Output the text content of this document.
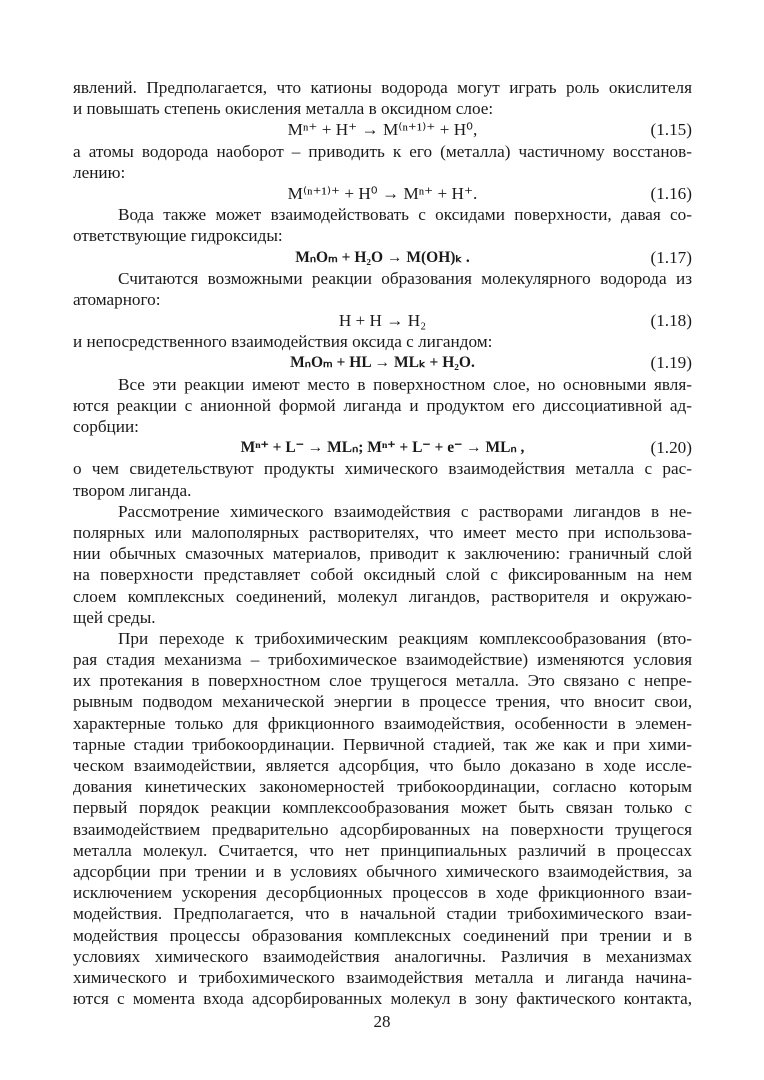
явлений. Предполагается, что катионы водорода могут играть роль окислителя
и повышать степень окисления металла в оксидном слое:
Mⁿ⁺ + H⁺ → M⁽ⁿ⁺¹⁾⁺ + H⁰,	(1.15)
а атомы водорода наоборот – приводить к его (металла) частичному восстанов-
лению:
M⁽ⁿ⁺¹⁾⁺ + H⁰ → Mⁿ⁺ + H⁺.	(1.16)
Вода также может взаимодействовать с оксидами поверхности, давая со-
ответствующие гидроксиды:
MₙOₘ + H₂O → M(OH)ₖ .	(1.17)
Считаются возможными реакции образования молекулярного водорода из
атомарного:
H + H → H₂	(1.18)
и непосредственного взаимодействия оксида с лигандом:
MₙOₘ + HL → MLₖ + H₂O.	(1.19)
Все эти реакции имеют место в поверхностном слое, но основными явля-
ются реакции с анионной формой лиганда и продуктом его диссоциативной ад-
сорбции:
Mⁿ⁺ + L⁻ → MLₙ; Mⁿ⁺ + L⁻ + e⁻ → MLₙ ,	(1.20)
о чем свидетельствуют продукты химического взаимодействия металла с рас-
твором лиганда.
Рассмотрение химического взаимодействия с растворами лигандов в не-
полярных или малополярных растворителях, что имеет место при использова-
нии обычных смазочных материалов, приводит к заключению: граничный слой
на поверхности представляет собой оксидный слой с фиксированным на нем
слоем комплексных соединений, молекул лигандов, растворителя и окружаю-
щей среды.
При переходе к трибохимическим реакциям комплексообразования (вто-
рая стадия механизма – трибохимическое взаимодействие) изменяются условия
их протекания в поверхностном слое трущегося металла. Это связано с непре-
рывным подводом механической энергии в процессе трения, что вносит свои,
характерные только для фрикционного взаимодействия, особенности в элемен-
тарные стадии трибокоординации. Первичной стадией, так же как и при хими-
ческом взаимодействии, является адсорбция, что было доказано в ходе иссле-
дования кинетических закономерностей трибокоординации, согласно которым
первый порядок реакции комплексообразования может быть связан только с
взаимодействием предварительно адсорбированных на поверхности трущегося
металла молекул. Считается, что нет принципиальных различий в процессах
адсорбции при трении и в условиях обычного химического взаимодействия, за
исключением ускорения десорбционных процессов в ходе фрикционного взаи-
модействия. Предполагается, что в начальной стадии трибохимического взаи-
модействия процессы образования комплексных соединений при трении и в
условиях химического взаимодействия аналогичны. Различия в механизмах
химического и трибохимического взаимодействия металла и лиганда начина-
ются с момента входа адсорбированных молекул в зону фактического контакта,
28
